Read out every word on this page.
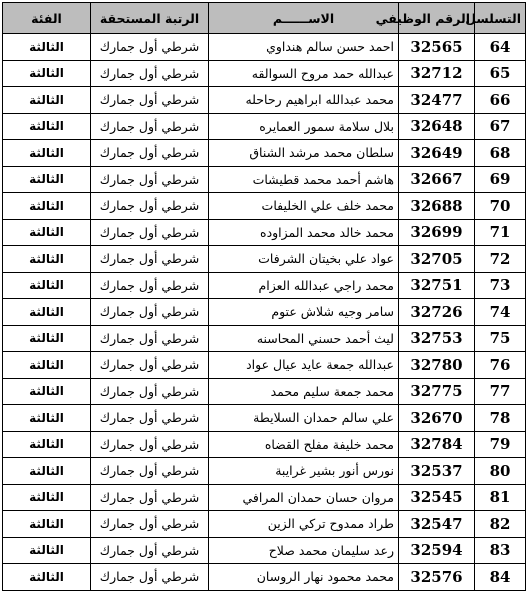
التسلسل	الرقم الوظيفي	الاســــــم	الرتبة المستحقة	الفئة
64	32565	احمد حسن سالم هنداوي	شرطي أول جمارك	الثالثة
65	32712	عبدالله حمد مروح السوالقه	شرطي أول جمارك	الثالثة
66	32477	محمد عبدالله ابراهيم رحاحله	شرطي أول جمارك	الثالثة
67	32648	بلال سلامة سمور العمايره	شرطي أول جمارك	الثالثة
68	32649	سلطان محمد مرشد الشناق	شرطي أول جمارك	الثالثة
69	32667	هاشم أحمد محمد قطيشات	شرطي أول جمارك	الثالثة
70	32688	محمد خلف علي الخليفات	شرطي أول جمارك	الثالثة
71	32699	محمد خالد محمد المزاوده	شرطي أول جمارك	الثالثة
72	32705	عواد علي بخيتان الشرفات	شرطي أول جمارك	الثالثة
73	32751	محمد راجي عبدالله العزام	شرطي أول جمارك	الثالثة
74	32726	سامر وجيه شلاش عتوم	شرطي أول جمارك	الثالثة
75	32753	ليث أحمد حسني المحاسنه	شرطي أول جمارك	الثالثة
76	32780	عبدالله جمعة عايد عيال عواد	شرطي أول جمارك	الثالثة
77	32775	محمد جمعة سليم محمد	شرطي أول جمارك	الثالثة
78	32670	علي سالم حمدان السلايطة	شرطي أول جمارك	الثالثة
79	32784	محمد خليفة مفلح القضاه	شرطي أول جمارك	الثالثة
80	32537	نورس أنور بشير غرايبة	شرطي أول جمارك	الثالثة
81	32545	مروان حسان حمدان المرافي	شرطي أول جمارك	الثالثة
82	32547	طراد ممدوح تركي الزين	شرطي أول جمارك	الثالثة
83	32594	رعد سليمان محمد صلاح	شرطي أول جمارك	الثالثة
84	32576	محمد محمود نهار الروسان	شرطي أول جمارك	الثالثة
